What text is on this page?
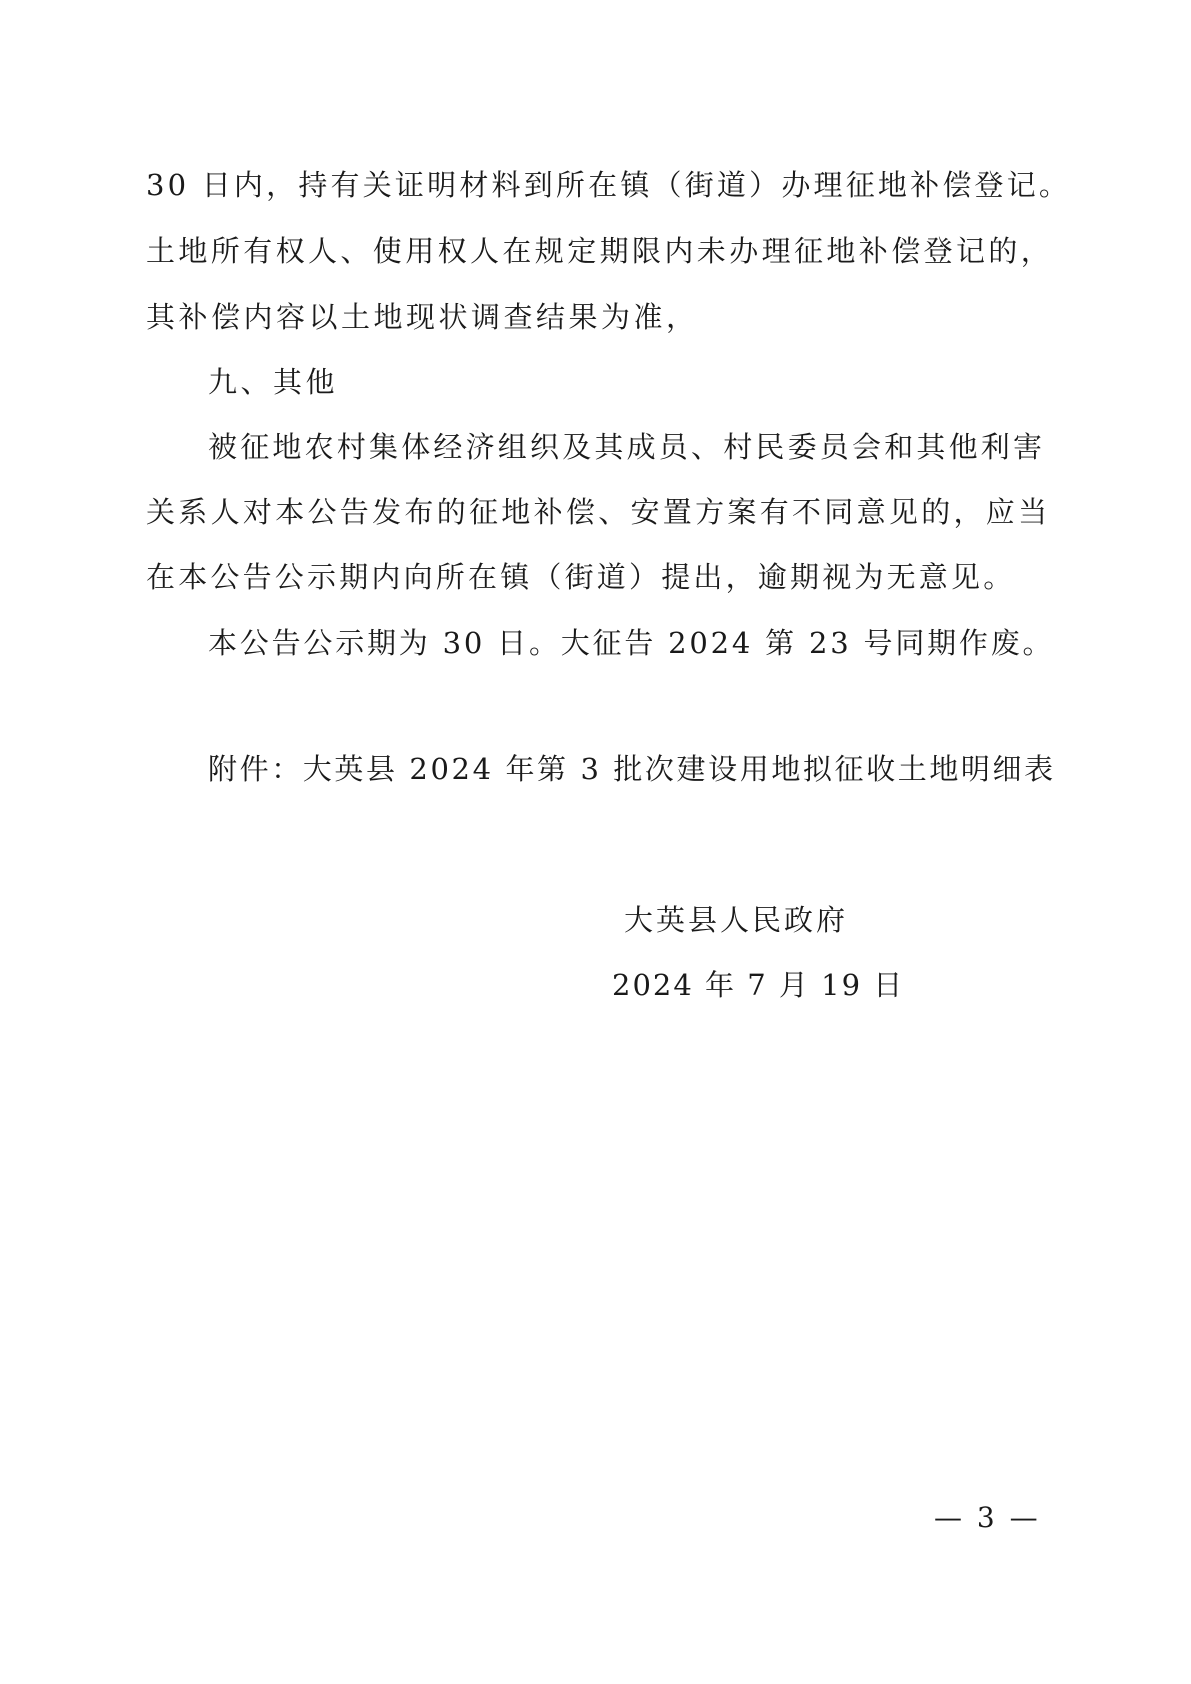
30 日内，持有关证明材料到所在镇（街道）办理征地补偿登记。
土地所有权人、使用权人在规定期限内未办理征地补偿登记的，
其补偿内容以土地现状调查结果为准，
九、其他
被征地农村集体经济组织及其成员、村民委员会和其他利害
关系人对本公告发布的征地补偿、安置方案有不同意见的，应当
在本公告公示期内向所在镇（街道）提出，逾期视为无意见。
本公告公示期为 30 日。大征告 2024 第 23 号同期作废。
附件：大英县 2024 年第 3 批次建设用地拟征收土地明细表
大英县人民政府
2024 年 7 月 19 日
— 3 —
